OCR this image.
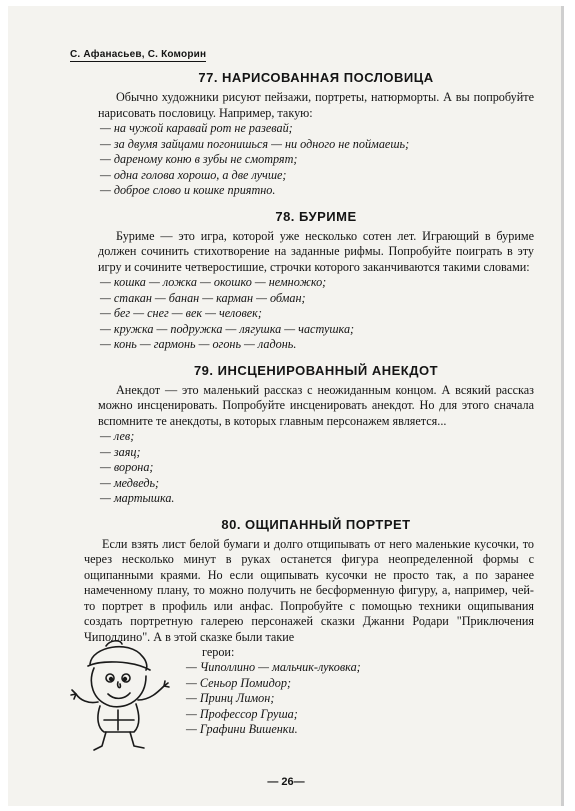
С. Афанасьев, С. Коморин
77. НАРИСОВАННАЯ ПОСЛОВИЦА

Обычно художники рисуют пейзажи, портреты, натюрморты. А вы попробуйте нарисовать пословицу. Например, такую:

— на чужой каравай рот не разевай;
— за двумя зайцами погонишься — ни одного не поймаешь;
— дареному коню в зубы не смотрят;
— одна голова хорошо, а две лучше;
— доброе слово и кошке приятно.
78. БУРИМЕ

Буриме — это игра, которой уже несколько сотен лет. Играющий в буриме должен сочинить стихотворение на заданные рифмы. Попробуйте поиграть в эту игру и сочините четверостишие, строчки которого заканчиваются такими словами:

— кошка — ложка — окошко — немножко;
— стакан — банан — карман — обман;
— бег — снег — век — человек;
— кружка — подружка — лягушка — частушка;
— конь — гармонь — огонь — ладонь.
79. ИНСЦЕНИРОВАННЫЙ АНЕКДОТ

Анекдот — это маленький рассказ с неожиданным концом. А всякий рассказ можно инсценировать. Попробуйте инсценировать анекдот. Но для этого сначала вспомните те анекдоты, в которых главным персонажем является...

— лев;
— заяц;
— ворона;
— медведь;
— мартышка.
80. ОЩИПАННЫЙ ПОРТРЕТ

Если взять лист белой бумаги и долго отщипывать от него маленькие кусочки, то через несколько минут в руках останется фигура неопределенной формы с ощипанными краями. Но если ощипывать кусочки не просто так, а по заранее намеченному плану, то можно получить не бесформенную фигуру, а, например, чей-то портрет в профиль или анфас. Попробуйте с помощью техники ощипывания создать портретную галерею персонажей сказки Джанни Родари "Приключения Чиполлино". А в этой сказке были такие

герои:
— Чиполлино — мальчик-луковка;
— Сеньор Помидор;
— Принц Лимон;
— Профессор Груша;
— Графини Вишенки.
— 26—
